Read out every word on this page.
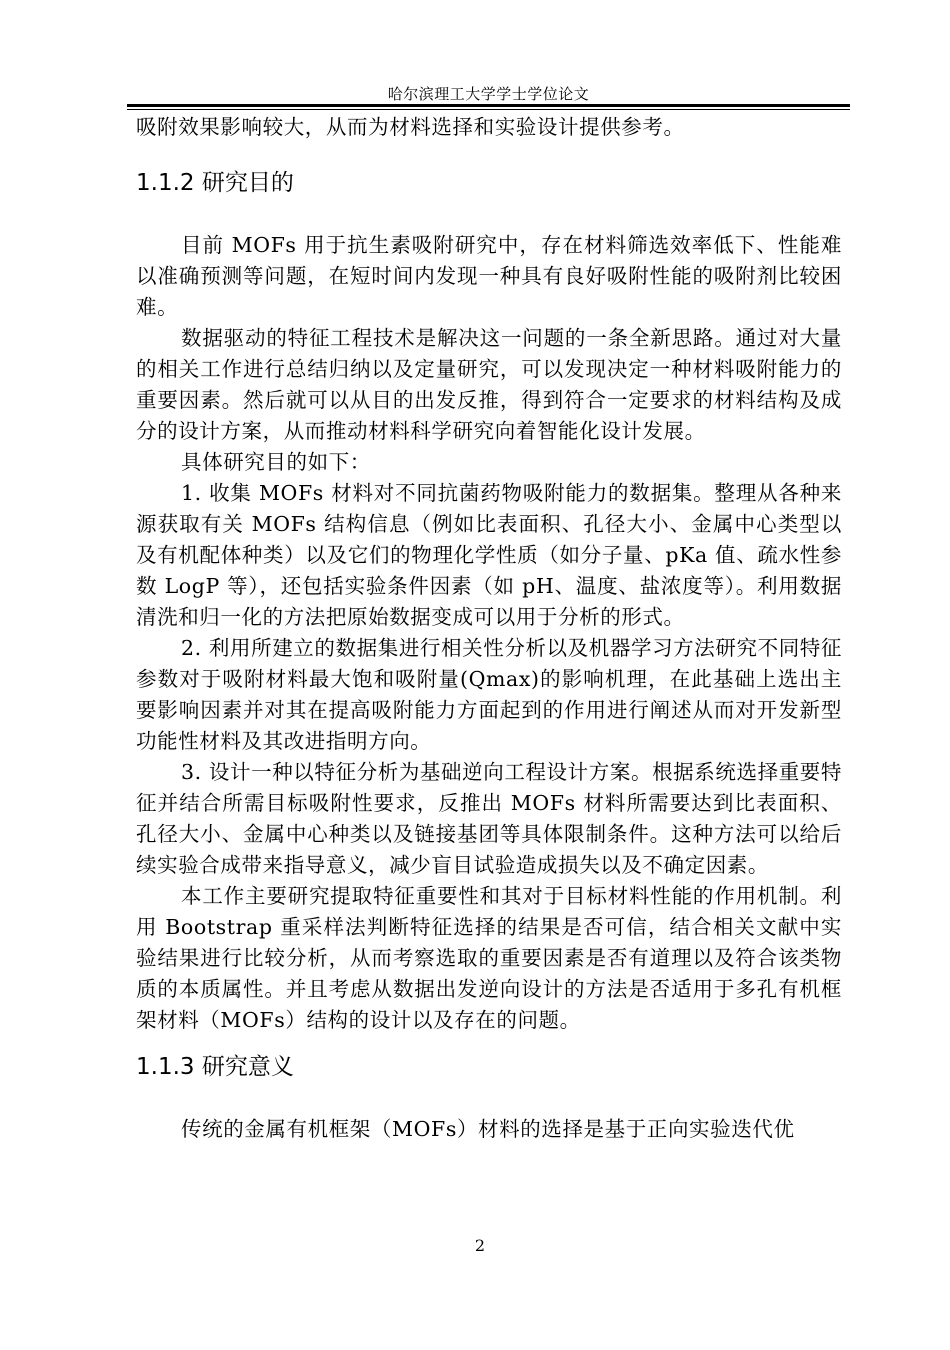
哈尔滨理工大学学士学位论文

吸附效果影响较大，从而为材料选择和实验设计提供参考。

1.1.2 研究目的

目前 MOFs 用于抗生素吸附研究中，存在材料筛选效率低下、性能难以准确预测等问题，在短时间内发现一种具有良好吸附性能的吸附剂比较困难。

数据驱动的特征工程技术是解决这一问题的一条全新思路。通过对大量的相关工作进行总结归纳以及定量研究，可以发现决定一种材料吸附能力的重要因素。然后就可以从目的出发反推，得到符合一定要求的材料结构及成分的设计方案，从而推动材料科学研究向着智能化设计发展。

具体研究目的如下：

1. 收集 MOFs 材料对不同抗菌药物吸附能力的数据集。整理从各种来源获取有关 MOFs 结构信息（例如比表面积、孔径大小、金属中心类型以及有机配体种类）以及它们的物理化学性质（如分子量、pKa 值、疏水性参数 LogP 等），还包括实验条件因素（如 pH、温度、盐浓度等）。利用数据清洗和归一化的方法把原始数据变成可以用于分析的形式。

2. 利用所建立的数据集进行相关性分析以及机器学习方法研究不同特征参数对于吸附材料最大饱和吸附量(Qmax)的影响机理，在此基础上选出主要影响因素并对其在提高吸附能力方面起到的作用进行阐述从而对开发新型功能性材料及其改进指明方向。

3. 设计一种以特征分析为基础逆向工程设计方案。根据系统选择重要特征并结合所需目标吸附性要求，反推出 MOFs 材料所需要达到比表面积、孔径大小、金属中心种类以及链接基团等具体限制条件。这种方法可以给后续实验合成带来指导意义，减少盲目试验造成损失以及不确定因素。

本工作主要研究提取特征重要性和其对于目标材料性能的作用机制。利用 Bootstrap 重采样法判断特征选择的结果是否可信，结合相关文献中实验结果进行比较分析，从而考察选取的重要因素是否有道理以及符合该类物质的本质属性。并且考虑从数据出发逆向设计的方法是否适用于多孔有机框架材料（MOFs）结构的设计以及存在的问题。

1.1.3 研究意义

传统的金属有机框架（MOFs）材料的选择是基于正向实验迭代优

2
